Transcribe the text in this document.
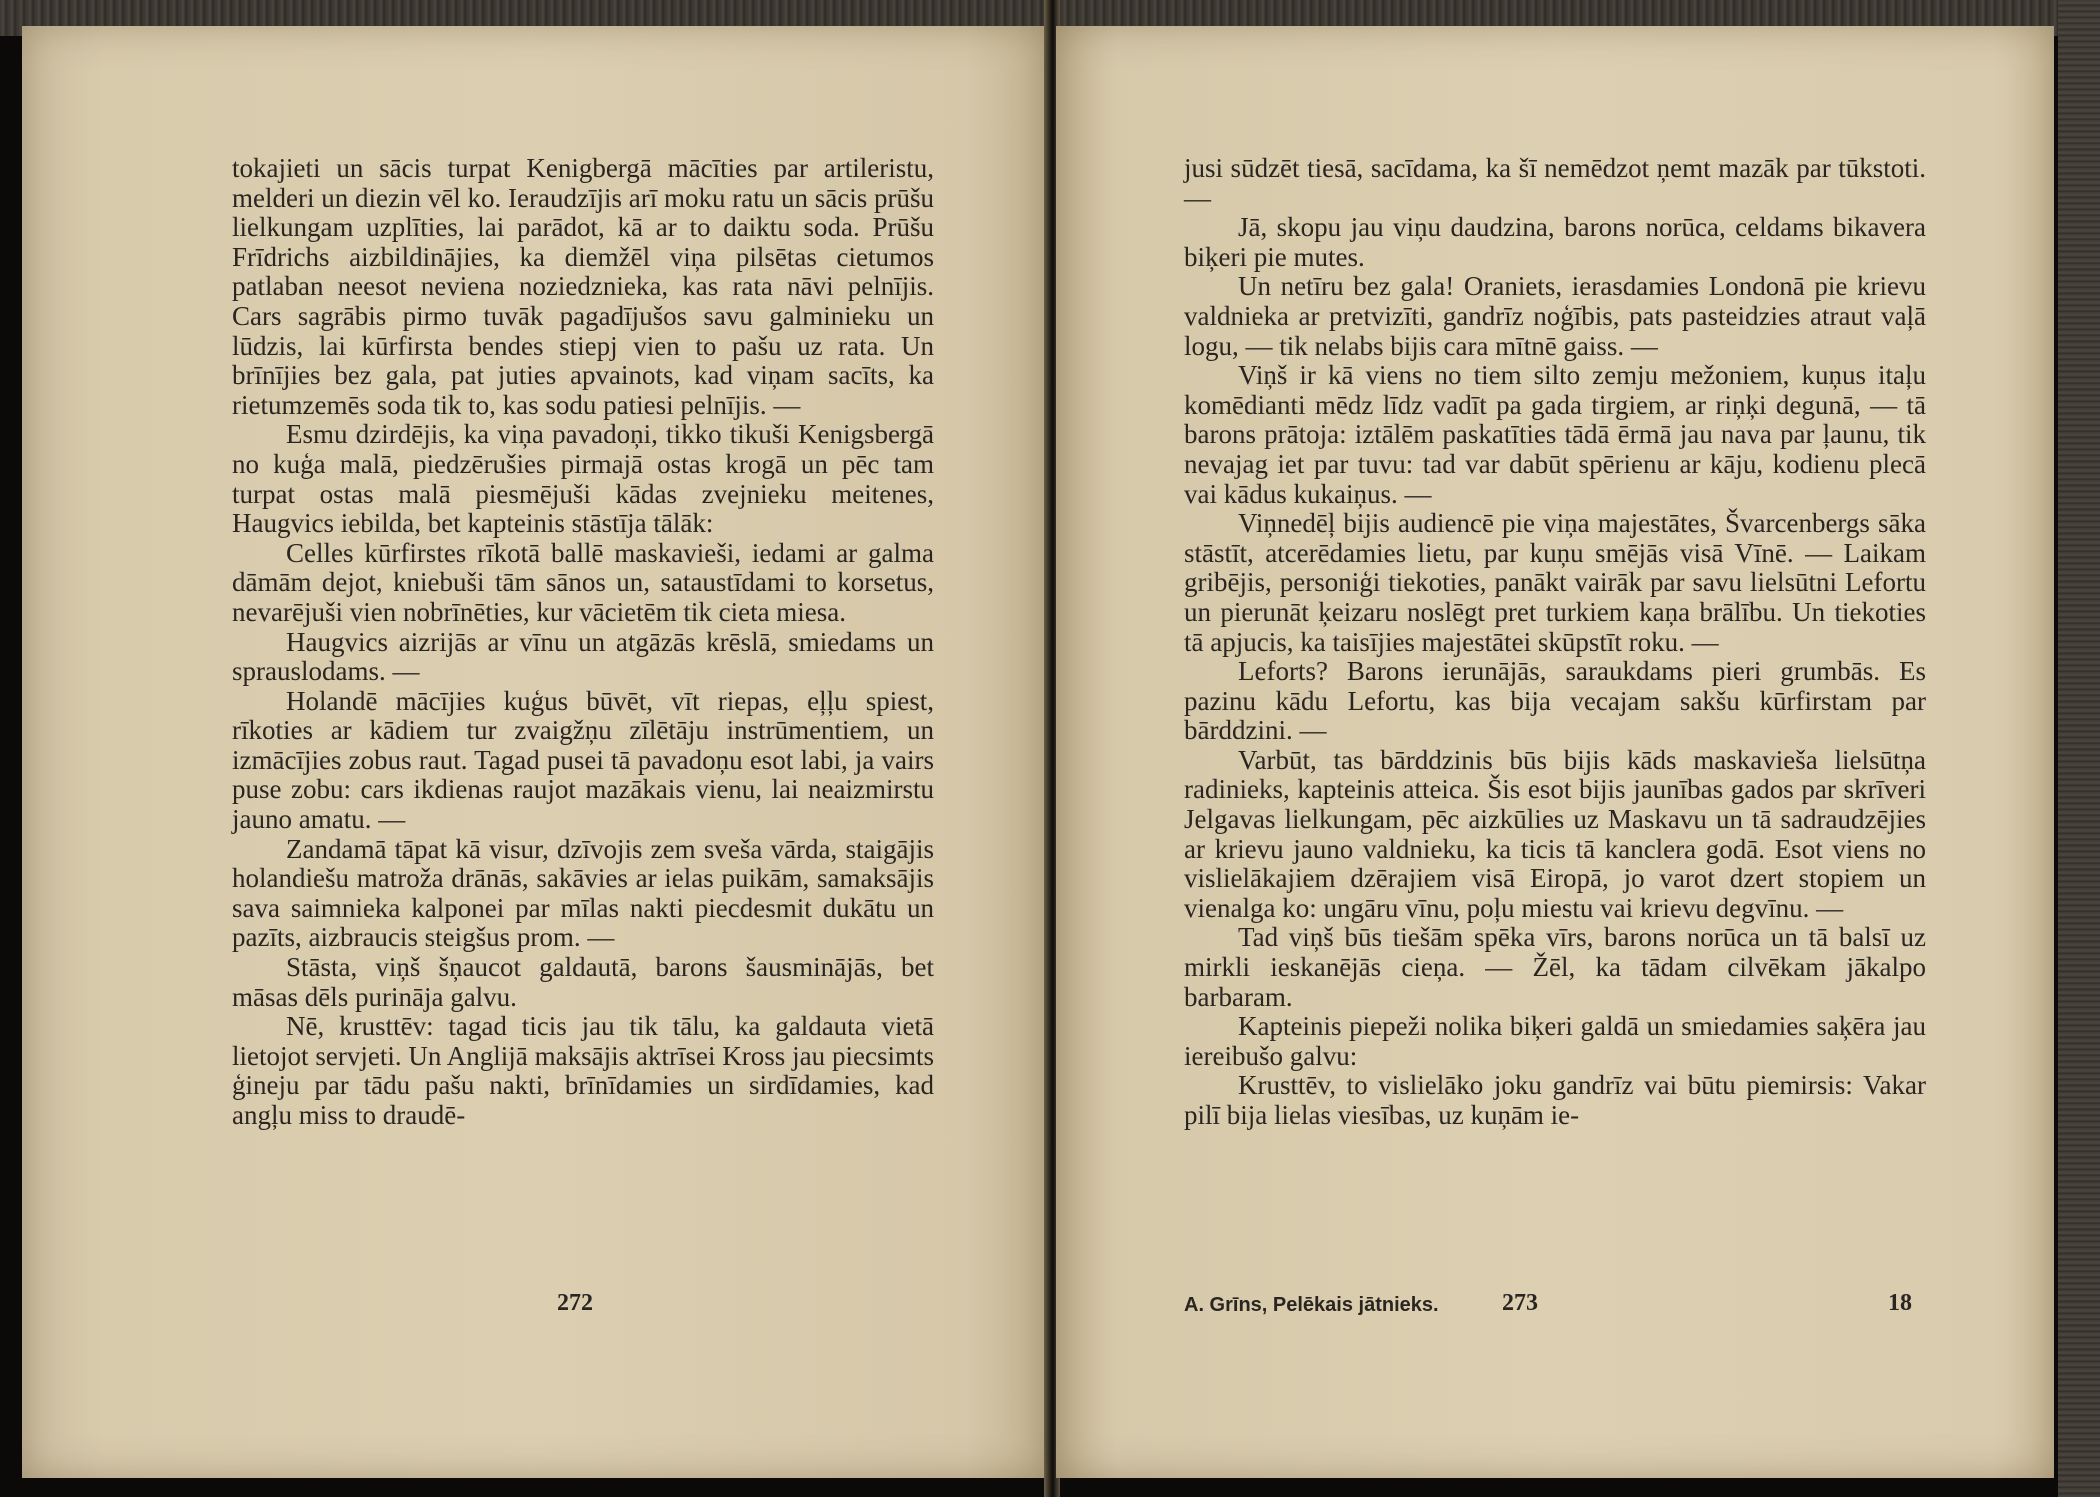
tokajieti un sācis turpat Kenigbergā mācīties par artileristu, melderi un diezin vēl ko. Ieraudzījis arī moku ratu un sācis prūšu lielkungam uzplīties, lai parādot, kā ar to daiktu soda. Prūšu Frīdrichs aizbildinājies, ka diemžēl viņa pilsētas cietumos patlaban neesot neviena noziedznieka, kas rata nāvi pelnījis. Cars sagrābis pirmo tuvāk pagadījušos savu galminieku un lūdzis, lai kūrfirsta bendes stiepj vien to pašu uz rata. Un brīnījies bez gala, pat juties apvainots, kad viņam sacīts, ka rietumzemēs soda tik to, kas sodu patiesi pelnījis. —

Esmu dzirdējis, ka viņa pavadoņi, tikko tikuši Kenigsbergā no kuģa malā, piedzērušies pirmajā ostas krogā un pēc tam turpat ostas malā piesmējuši kādas zvejnieku meitenes, Haugvics iebilda, bet kapteinis stāstīja tālāk:

Celles kūrfirstes rīkotā ballē maskavieši, iedami ar galma dāmām dejot, kniebuši tām sānos un, sataustīdami to korsetus, nevarējuši vien nobrīnēties, kur vācietēm tik cieta miesa.

Haugvics aizrijās ar vīnu un atgāzās krēslā, smiedams un sprauslodams. —

Holandē mācījies kuģus būvēt, vīt riepas, eļļu spiest, rīkoties ar kādiem tur zvaigžņu zīlētāju instrūmentiem, un izmācījies zobus raut. Tagad pusei tā pavadoņu esot labi, ja vairs puse zobu: cars ikdienas raujot mazākais vienu, lai neaizmirstu jauno amatu. —

Zandamā tāpat kā visur, dzīvojis zem sveša vārda, staigājis holandiešu matroža drānās, sakāvies ar ielas puikām, samaksājis sava saimnieka kalponei par mīlas nakti piecdesmit dukātu un pazīts, aizbraucis steigšus prom. —

Stāsta, viņš šņaucot galdautā, barons šausminājās, bet māsas dēls purināja galvu.

Nē, krusttēv: tagad ticis jau tik tālu, ka galdauta vietā lietojot servjeti. Un Anglijā maksājis aktrīsei Kross jau piecsimts ģineju par tādu pašu nakti, brīnīdamies un sirdīdamies, kad angļu miss to draudē-

272

jusi sūdzēt tiesā, sacīdama, ka šī nemēdzot ņemt mazāk par tūkstoti. —

Jā, skopu jau viņu daudzina, barons norūca, celdams bikavera biķeri pie mutes.

Un netīru bez gala! Oraniets, ierasdamies Londonā pie krievu valdnieka ar pretvizīti, gandrīz noģībis, pats pasteidzies atraut vaļā logu, — tik nelabs bijis cara mītnē gaiss. —

Viņš ir kā viens no tiem silto zemju mežoniem, kuņus itaļu komēdianti mēdz līdz vadīt pa gada tirgiem, ar riņķi degunā, — tā barons prātoja: iztālēm paskatīties tādā ērmā jau nava par ļaunu, tik nevajag iet par tuvu: tad var dabūt spērienu ar kāju, kodienu plecā vai kādus kukaiņus. —

Viņnedēļ bijis audiencē pie viņa majestātes, Švarcenbergs sāka stāstīt, atcerēdamies lietu, par kuņu smējās visā Vīnē. — Laikam gribējis, personiģi tiekoties, panākt vairāk par savu lielsūtni Lefortu un pierunāt ķeizaru noslēgt pret turkiem kaņa brālību. Un tiekoties tā apjucis, ka taisījies majestātei skūpstīt roku. —

Leforts? Barons ierunājās, saraukdams pieri grumbās. Es pazinu kādu Lefortu, kas bija vecajam sakšu kūrfirstam par bārddzini. —

Varbūt, tas bārddzinis būs bijis kāds maskavieša lielsūtņa radinieks, kapteinis atteica. Šis esot bijis jaunības gados par skrīveri Jelgavas lielkungam, pēc aizkūlies uz Maskavu un tā sadraudzējies ar krievu jauno valdnieku, ka ticis tā kanclera godā. Esot viens no vislielākajiem dzērajiem visā Eiropā, jo varot dzert stopiem un vienalga ko: ungāru vīnu, poļu miestu vai krievu degvīnu. —

Tad viņš būs tiešām spēka vīrs, barons norūca un tā balsī uz mirkli ieskanējās cieņa. — Žēl, ka tādam cilvēkam jākalpo barbaram.

Kapteinis piepeži nolika biķeri galdā un smiedamies saķēra jau iereibušo galvu:

Krusttēv, to vislielāko joku gandrīz vai būtu piemirsis: Vakar pilī bija lielas viesības, uz kuņām ie-

A. Grīns, Pelēkais jātnieks.	273	18
